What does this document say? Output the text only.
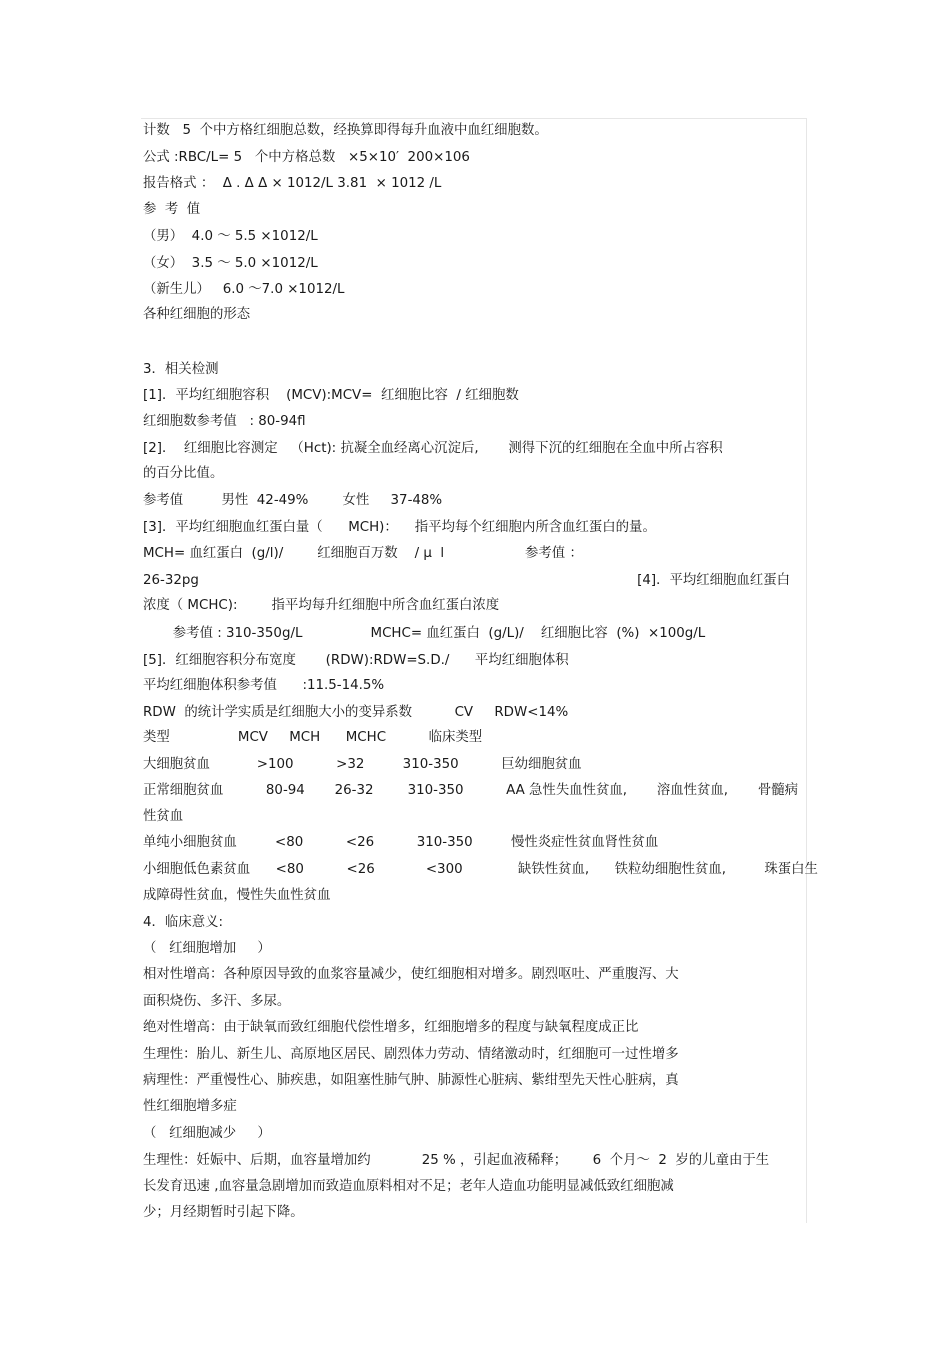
计数   5  个中方格红细胞总数，经换算即得每升血液中血红细胞数。
公式 :RBC/L= 5   个中方格总数   ×5×10′  200×106
报告格式 ：  Δ . Δ Δ × 1012/L 3.81  × 1012 /L
参  考  值
（男）  4.0 ～ 5.5 ×1012/L
（女）  3.5 ～ 5.0 ×1012/L
（新生儿）   6.0 ～7.0 ×1012/L
各种红细胞的形态
3．相关检测
[1]．平均红细胞容积    (MCV):MCV=  红细胞比容  / 红细胞数
红细胞数参考值   : 80-94fl
[2]．  红细胞比容测定   （Hct): 抗凝全血经离心沉淀后,       测得下沉的红细胞在全血中所占容积
的百分比值。
参考值         男性  42-49%        女性     37-48%
[3]．平均红细胞血红蛋白量（      MCH)：    指平均每个红细胞内所含血红蛋白的量。
MCH= 血红蛋白  (g/l)/        红细胞百万数    / μ  l                   参考值 ：
26-32pg	[4]．平均红细胞血红蛋白
浓度（ MCHC):        指平均每升红细胞中所含血红蛋白浓度
参考值 : 310-350g/L                MCHC= 血红蛋白  (g/L)/    红细胞比容  (%)  ×100g/L
[5]．红细胞容积分布宽度       (RDW):RDW=S.D./      平均红细胞体积
平均红细胞体积参考值      :11.5-14.5%
RDW  的统计学实质是红细胞大小的变异系数          CV     RDW<14%
类型                MCV     MCH      MCHC          临床类型
大细胞贫血           >100          >32         310-350          巨幼细胞贫血
正常细胞贫血          80-94       26-32        310-350          AA 急性失血性贫血,       溶血性贫血,       骨髓病
性贫血
单纯小细胞贫血         <80          <26          310-350         慢性炎症性贫血肾性贫血
小细胞低色素贫血      <80          <26            <300             缺铁性贫血,      铁粒幼细胞性贫血,         珠蛋白生
成障碍性贫血，慢性失血性贫血
4．临床意义:
（   红细胞增加     ）
相对性增高：各种原因导致的血浆容量减少，使红细胞相对增多。剧烈呕吐、严重腹泻、大
面积烧伤、多汗、多尿。
绝对性增高：由于缺氧而致红细胞代偿性增多，红细胞增多的程度与缺氧程度成正比
生理性：胎儿、新生儿、高原地区居民、剧烈体力劳动、情绪激动时，红细胞可一过性增多
病理性：严重慢性心、肺疾患，如阻塞性肺气肿、肺源性心脏病、紫绀型先天性心脏病，真
性红细胞增多症
（   红细胞减少     ）
生理性：妊娠中、后期，血容量增加约            25 % ，引起血液稀释；      6  个月～  2  岁的儿童由于生
长发育迅速 ,血容量急剧增加而致造血原料相对不足；老年人造血功能明显减低致红细胞减
少；月经期暂时引起下降。
